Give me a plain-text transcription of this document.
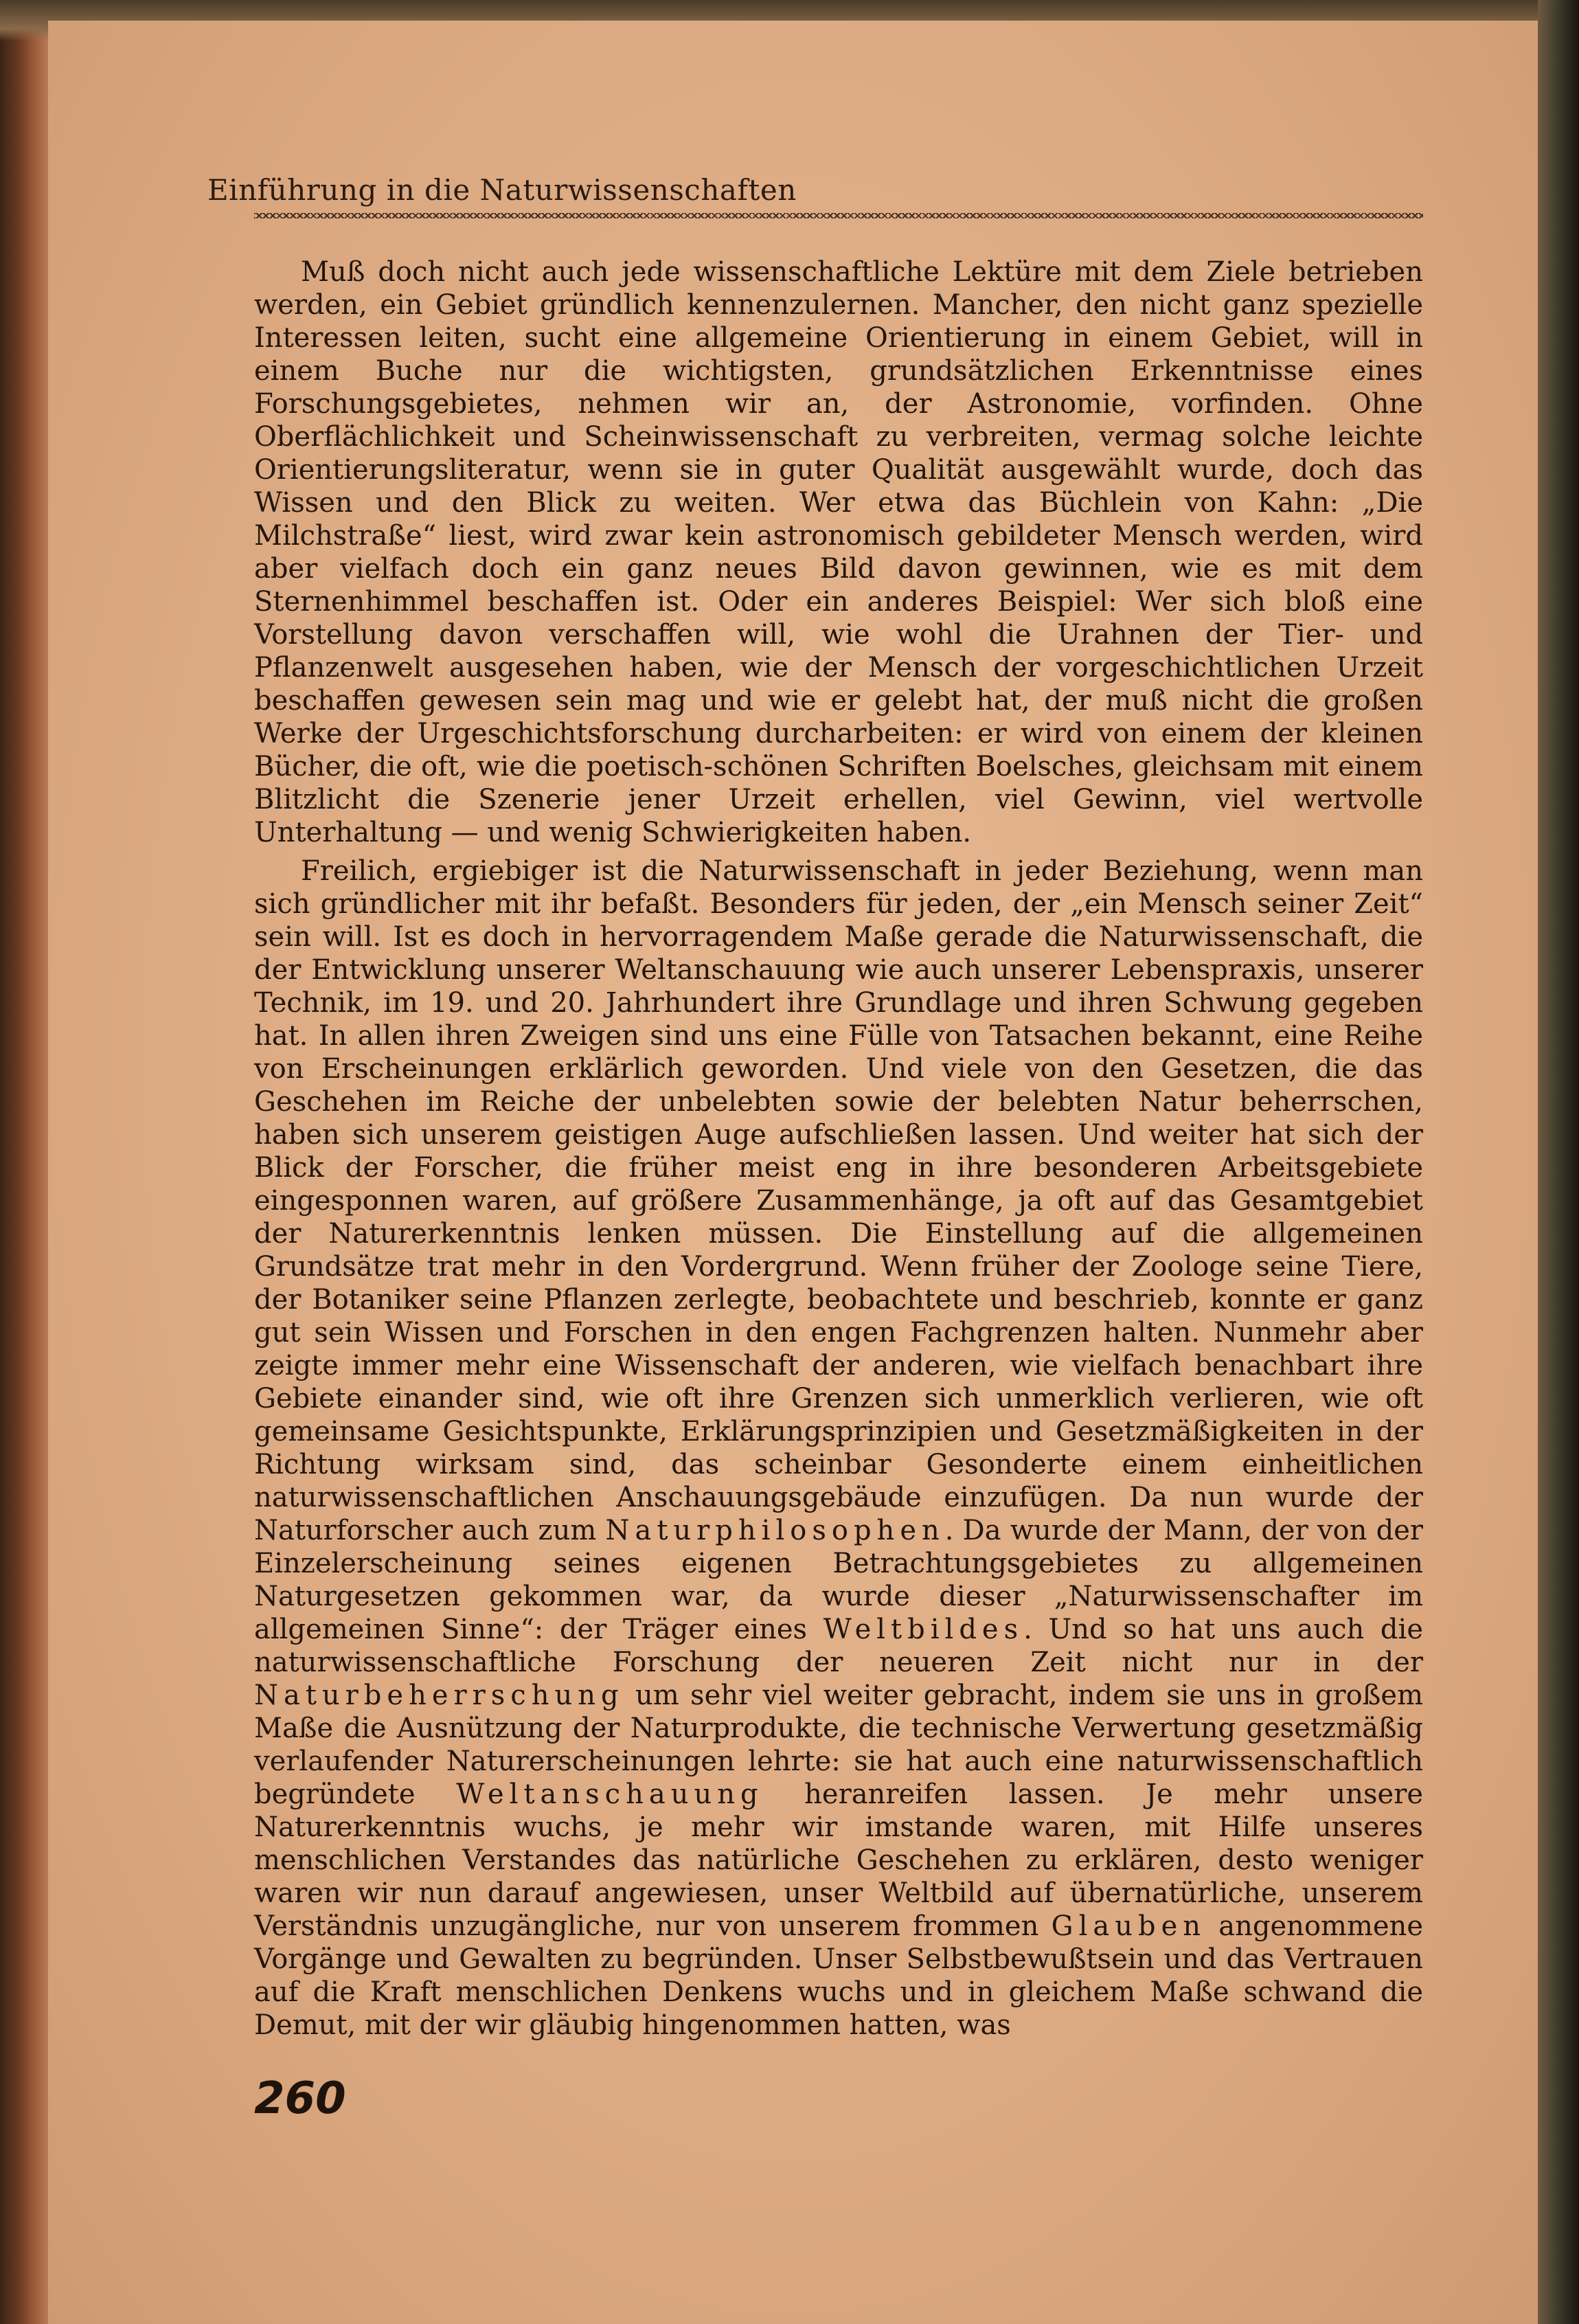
Einführung in die Naturwissenschaften

Muß doch nicht auch jede wissenschaftliche Lektüre mit dem Ziele betrieben werden, ein Gebiet gründlich kennenzulernen. Mancher, den nicht ganz spezielle Interessen leiten, sucht eine allgemeine Orientierung in einem Gebiet, will in einem Buche nur die wichtigsten, grundsätzlichen Erkenntnisse eines Forschungsgebietes, nehmen wir an, der Astronomie, vorfinden. Ohne Oberflächlichkeit und Scheinwissenschaft zu verbreiten, vermag solche leichte Orientierungsliteratur, wenn sie in guter Qualität ausgewählt wurde, doch das Wissen und den Blick zu weiten. Wer etwa das Büchlein von Kahn: „Die Milchstraße“ liest, wird zwar kein astronomisch gebildeter Mensch werden, wird aber vielfach doch ein ganz neues Bild davon gewinnen, wie es mit dem Sternenhimmel beschaffen ist. Oder ein anderes Beispiel: Wer sich bloß eine Vorstellung davon verschaffen will, wie wohl die Urahnen der Tier- und Pflanzenwelt ausgesehen haben, wie der Mensch der vorgeschichtlichen Urzeit beschaffen gewesen sein mag und wie er gelebt hat, der muß nicht die großen Werke der Urgeschichtsforschung durcharbeiten: er wird von einem der kleinen Bücher, die oft, wie die poetisch-schönen Schriften Boelsches, gleichsam mit einem Blitzlicht die Szenerie jener Urzeit erhellen, viel Gewinn, viel wertvolle Unterhaltung — und wenig Schwierigkeiten haben.

Freilich, ergiebiger ist die Naturwissenschaft in jeder Beziehung, wenn man sich gründlicher mit ihr befaßt. Besonders für jeden, der „ein Mensch seiner Zeit“ sein will. Ist es doch in hervorragendem Maße gerade die Naturwissenschaft, die der Entwicklung unserer Weltanschauung wie auch unserer Lebenspraxis, unserer Technik, im 19. und 20. Jahrhundert ihre Grundlage und ihren Schwung gegeben hat. In allen ihren Zweigen sind uns eine Fülle von Tatsachen bekannt, eine Reihe von Erscheinungen erklärlich geworden. Und viele von den Gesetzen, die das Geschehen im Reiche der unbelebten sowie der belebten Natur beherrschen, haben sich unserem geistigen Auge aufschließen lassen. Und weiter hat sich der Blick der Forscher, die früher meist eng in ihre besonderen Arbeitsgebiete eingesponnen waren, auf größere Zusammenhänge, ja oft auf das Gesamtgebiet der Naturerkenntnis lenken müssen. Die Einstellung auf die allgemeinen Grundsätze trat mehr in den Vordergrund. Wenn früher der Zoologe seine Tiere, der Botaniker seine Pflanzen zerlegte, beobachtete und beschrieb, konnte er ganz gut sein Wissen und Forschen in den engen Fachgrenzen halten. Nunmehr aber zeigte immer mehr eine Wissenschaft der anderen, wie vielfach benachbart ihre Gebiete einander sind, wie oft ihre Grenzen sich unmerklich verlieren, wie oft gemeinsame Gesichtspunkte, Erklärungsprinzipien und Gesetzmäßigkeiten in der Richtung wirksam sind, das scheinbar Gesonderte einem einheitlichen naturwissenschaftlichen Anschauungsgebäude einzufügen. Da nun wurde der Naturforscher auch zum Naturphilosophen. Da wurde der Mann, der von der Einzelerscheinung seines eigenen Betrachtungsgebietes zu allgemeinen Naturgesetzen gekommen war, da wurde dieser „Naturwissenschafter im allgemeinen Sinne“: der Träger eines Weltbildes. Und so hat uns auch die naturwissenschaftliche Forschung der neueren Zeit nicht nur in der Naturbeherrschung um sehr viel weiter gebracht, indem sie uns in großem Maße die Ausnützung der Naturprodukte, die technische Verwertung gesetzmäßig verlaufender Naturerscheinungen lehrte: sie hat auch eine naturwissenschaftlich begründete Weltanschauung heranreifen lassen. Je mehr unsere Naturerkenntnis wuchs, je mehr wir imstande waren, mit Hilfe unseres menschlichen Verstandes das natürliche Geschehen zu erklären, desto weniger waren wir nun darauf angewiesen, unser Weltbild auf übernatürliche, unserem Verständnis unzugängliche, nur von unserem frommen Glauben angenommene Vorgänge und Gewalten zu begründen. Unser Selbstbewußtsein und das Vertrauen auf die Kraft menschlichen Denkens wuchs und in gleichem Maße schwand die Demut, mit der wir gläubig hingenommen hatten, was

260
